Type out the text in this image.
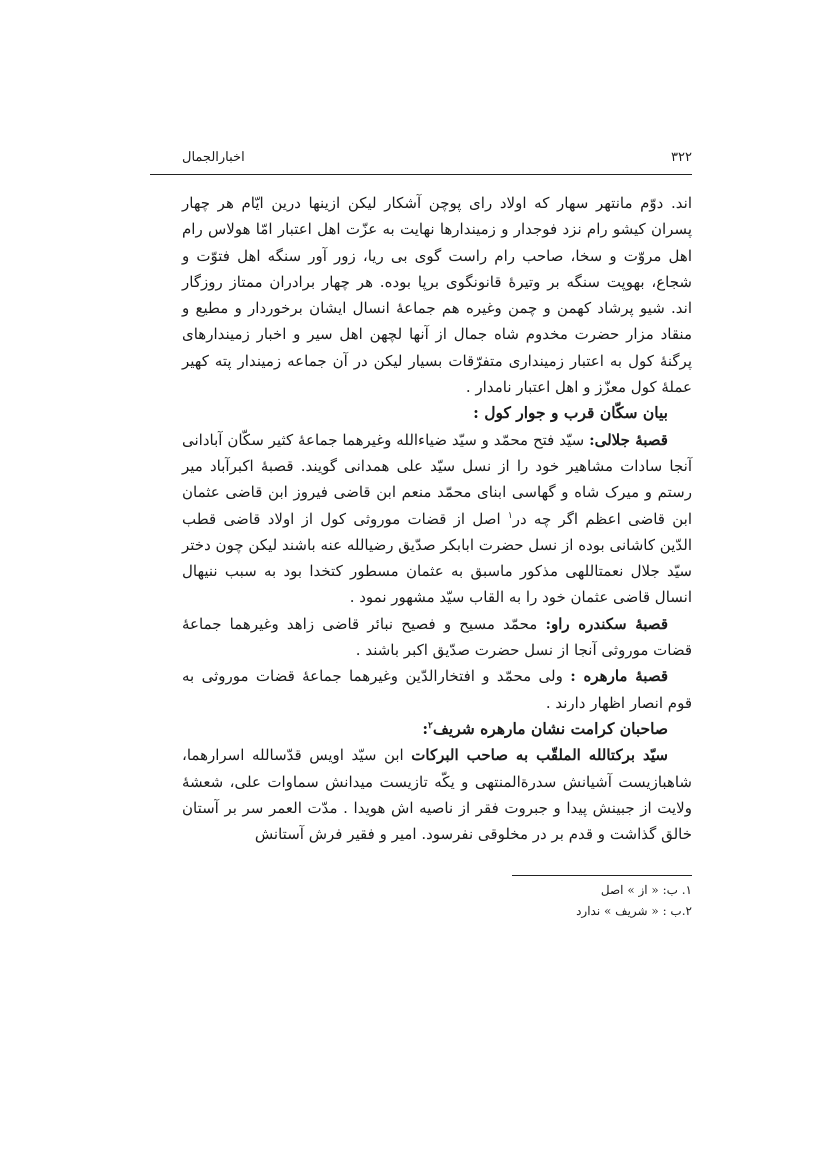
۳۲۲
اخبارالجمال

اند. دوّم مانتهر سهار که اولاد رای پوچن آشکار لیکن ازینها درین ایّام هر چهار پسران کیشو رام نزد فوجدار و زمیندارها نهایت به عزّت اهل اعتبار امّا هولاس رام اهل مروّت و سخا، صاحب رام راست گوی بی ریا، زور آور سنگه اهل فتوّت و شجاع، بهوپت سنگه بر وتیرۀ قانونگوی برپا بوده. هر چهار برادران ممتاز روزگار اند. شیو پرشاد کهمن و چمن وغیره هم جماعۀ انسال ایشان برخوردار و مطیع و منقاد مزار حضرت مخدوم شاه جمال از آنها لچهن اهل سیر و اخبار زمیندارهای پرگنۀ کول به اعتبار زمینداری متفرّقات بسیار لیکن در آن جماعه زمیندار پته کهیر عملۀ کول معزّز و اهل اعتبار نامدار .

بیان سکّان قرب و جوار کول :

قصبۀ جلالی: سیّد فتح محمّد و سیّد ضیاءالله وغیرهما جماعۀ کثیر سکّان آبادانی آنجا سادات مشاهیر خود را از نسل سیّد علی همدانی گویند. قصبۀ اکبرآباد میر رستم و میرک شاه و گهاسی ابنای محمّد منعم ابن قاضی فیروز ابن قاضی عثمان ابن قاضی اعظم اگر چه در$^۱$ اصل از قضات موروثی کول از اولاد قاضی قطب الدّین کاشانی بوده از نسل حضرت ابابکر صدّیق رضیالله عنه باشند لیکن چون دختر سیّد جلال نعمتاللهی مذکور ماسبق به عثمان مسطور کتخدا بود به سبب ننیهال انسال قاضی عثمان خود را به القاب سیّد مشهور نمود .

قصبۀ سکندره راو: محمّد مسیح و فصیح نبائر قاضی زاهد وغیرهما جماعۀ قضات موروثی آنجا از نسل حضرت صدّیق اکبر باشند .

قصبۀ مارهره : ولی محمّد و افتخارالدّین وغیرهما جماعۀ قضات موروثی به قوم انصار اظهار دارند .

صاحبان کرامت نشان مارهره شریف$^۲$:

سیّد برکتالله الملقّب به صاحب البرکات ابن سیّد اویس قدّسالله اسرارهما، شاهبازیست آشیانش سدرةالمنتهی و یکّه تازیست میدانش سماوات علی، شعشۀ ولایت از جبینش پیدا و جبروت فقر از ناصیه اش هویدا . مدّت العمر سر بر آستان خالق گذاشت و قدم بر در مخلوقی نفرسود. امیر و فقیر فرش آستانش

۱. ب: « از » اصل

۲.ب : « شریف » ندارد
